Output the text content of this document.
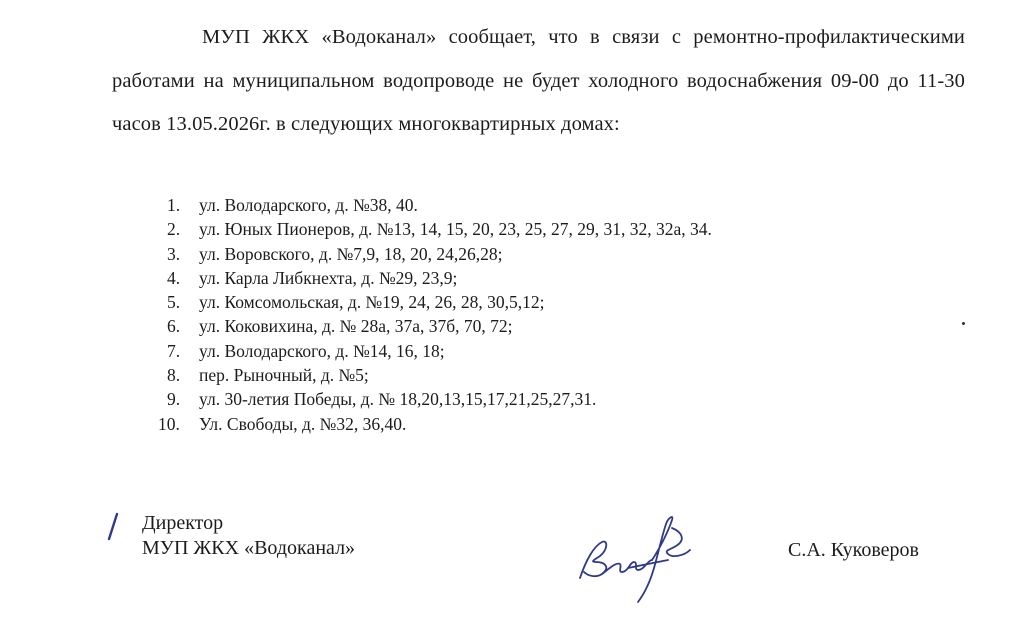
МУП ЖКХ «Водоканал» сообщает, что в связи с ремонтно-профилактическими работами на муниципальном водопроводе не будет холодного водоснабжения 09-00 до 11-30 часов 13.05.2026г. в следующих многоквартирных домах:

1. ул. Володарского, д. №38, 40.
2. ул. Юных Пионеров, д. №13, 14, 15, 20, 23, 25, 27, 29, 31, 32, 32а, 34.
3. ул. Воровского, д. №7,9, 18, 20, 24,26,28;
4. ул. Карла Либкнехта, д. №29, 23,9;
5. ул. Комсомольская, д. №19, 24, 26, 28, 30,5,12;
6. ул. Коковихина, д. № 28а, 37а, 37б, 70, 72;
7. ул. Володарского, д. №14, 16, 18;
8. пер. Рыночный, д. №5;
9. ул. 30-летия Победы, д. № 18,20,13,15,17,21,25,27,31.
10. Ул. Свободы, д. №32, 36,40.
Директор
МУП ЖКХ «Водоканал»	С.А. Куковеров
